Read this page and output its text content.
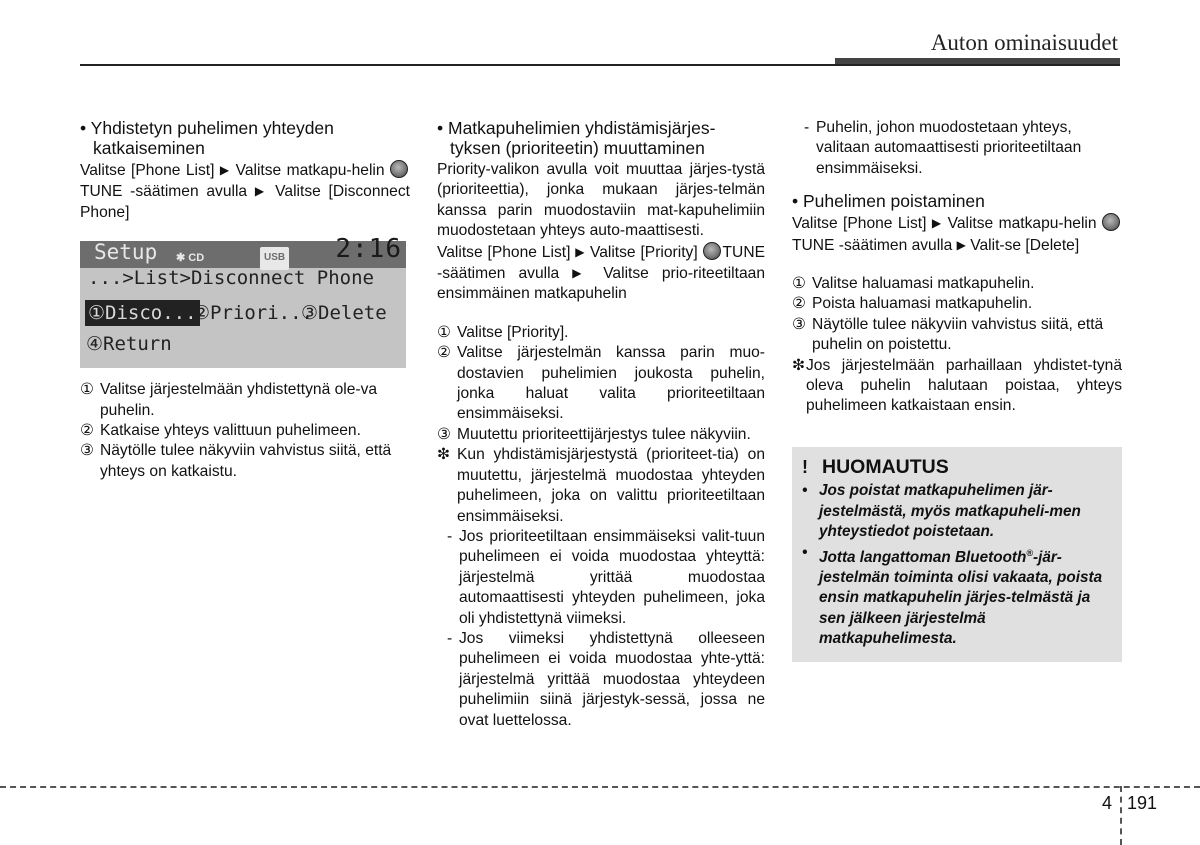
Auton ominaisuudet
• Yhdistetyn puhelimen yhteyden
katkaiseminen

Valitse [Phone List] ▶ Valitse matkapu-helin TUNE -säätimen avulla ▶ Valitse [Disconnect Phone]

Setup ✱ CD	USB 2:16
...>List>Disconnect Phone
①Disco...
②Priori...
③Delete
④Return
① Valitse järjestelmään yhdistettynä ole-va puhelin.
② Katkaise yhteys valittuun puhelimeen.
③ Näytölle tulee näkyviin vahvistus siitä, että yhteys on katkaistu.
• Matkapuhelimien yhdistämisjärjes-
tyksen (prioriteetin) muuttaminen

Priority-valikon avulla voit muuttaa järjes-tystä (prioriteettia), jonka mukaan järjes-telmän kanssa parin muodostaviin mat-kapuhelimiin muodostetaan yhteys auto-maattisesti.

Valitse [Phone List] ▶ Valitse [Priority] TUNE -säätimen avulla ▶ Valitse prio-riteetiltaan ensimmäinen matkapuhelin

① Valitse [Priority].
② Valitse järjestelmän kanssa parin muo-dostavien puhelimien joukosta puhelin, jonka haluat valita prioriteetiltaan ensimmäiseksi.
③ Muutettu prioriteettijärjestys tulee näkyviin.
❇ Kun yhdistämisjärjestystä (prioriteet-tia) on muutettu, järjestelmä muodostaa yhteyden puhelimeen, joka on valittu prioriteetiltaan ensimmäiseksi.
- Jos prioriteetiltaan ensimmäiseksi valit-tuun puhelimeen ei voida muodostaa yhteyttä: järjestelmä yrittää muodostaa automaattisesti yhteyden puhelimeen, joka oli yhdistettynä viimeksi.
- Jos viimeksi yhdistettynä olleeseen puhelimeen ei voida muodostaa yhte-yttä: järjestelmä yrittää muodostaa yhteydeen puhelimiin siinä järjestyk-sessä, jossa ne ovat luettelossa.
- Puhelin, johon muodostetaan yhteys, valitaan automaattisesti prioriteetiltaan ensimmäiseksi.
• Puhelimen poistaminen

Valitse [Phone List] ▶ Valitse matkapu-helin TUNE -säätimen avulla ▶ Valit-se [Delete]

① Valitse haluamasi matkapuhelin.
② Poista haluamasi matkapuhelin.
③ Näytölle tulee näkyviin vahvistus siitä, että puhelin on poistettu.
❇ Jos järjestelmään parhaillaan yhdistet-tynä oleva puhelin halutaan poistaa, yhteys puhelimeen katkaistaan ensin.
! HUOMAUTUS
• Jos poistat matkapuhelimen jär-jestelmästä, myös matkapuheli-men yhteystiedot poistetaan.
• Jotta langattoman Bluetooth®-jär-jestelmän toiminta olisi vakaata, poista ensin matkapuhelin järjes-telmästä ja sen jälkeen järjestelmä matkapuhelimesta.
4 191
